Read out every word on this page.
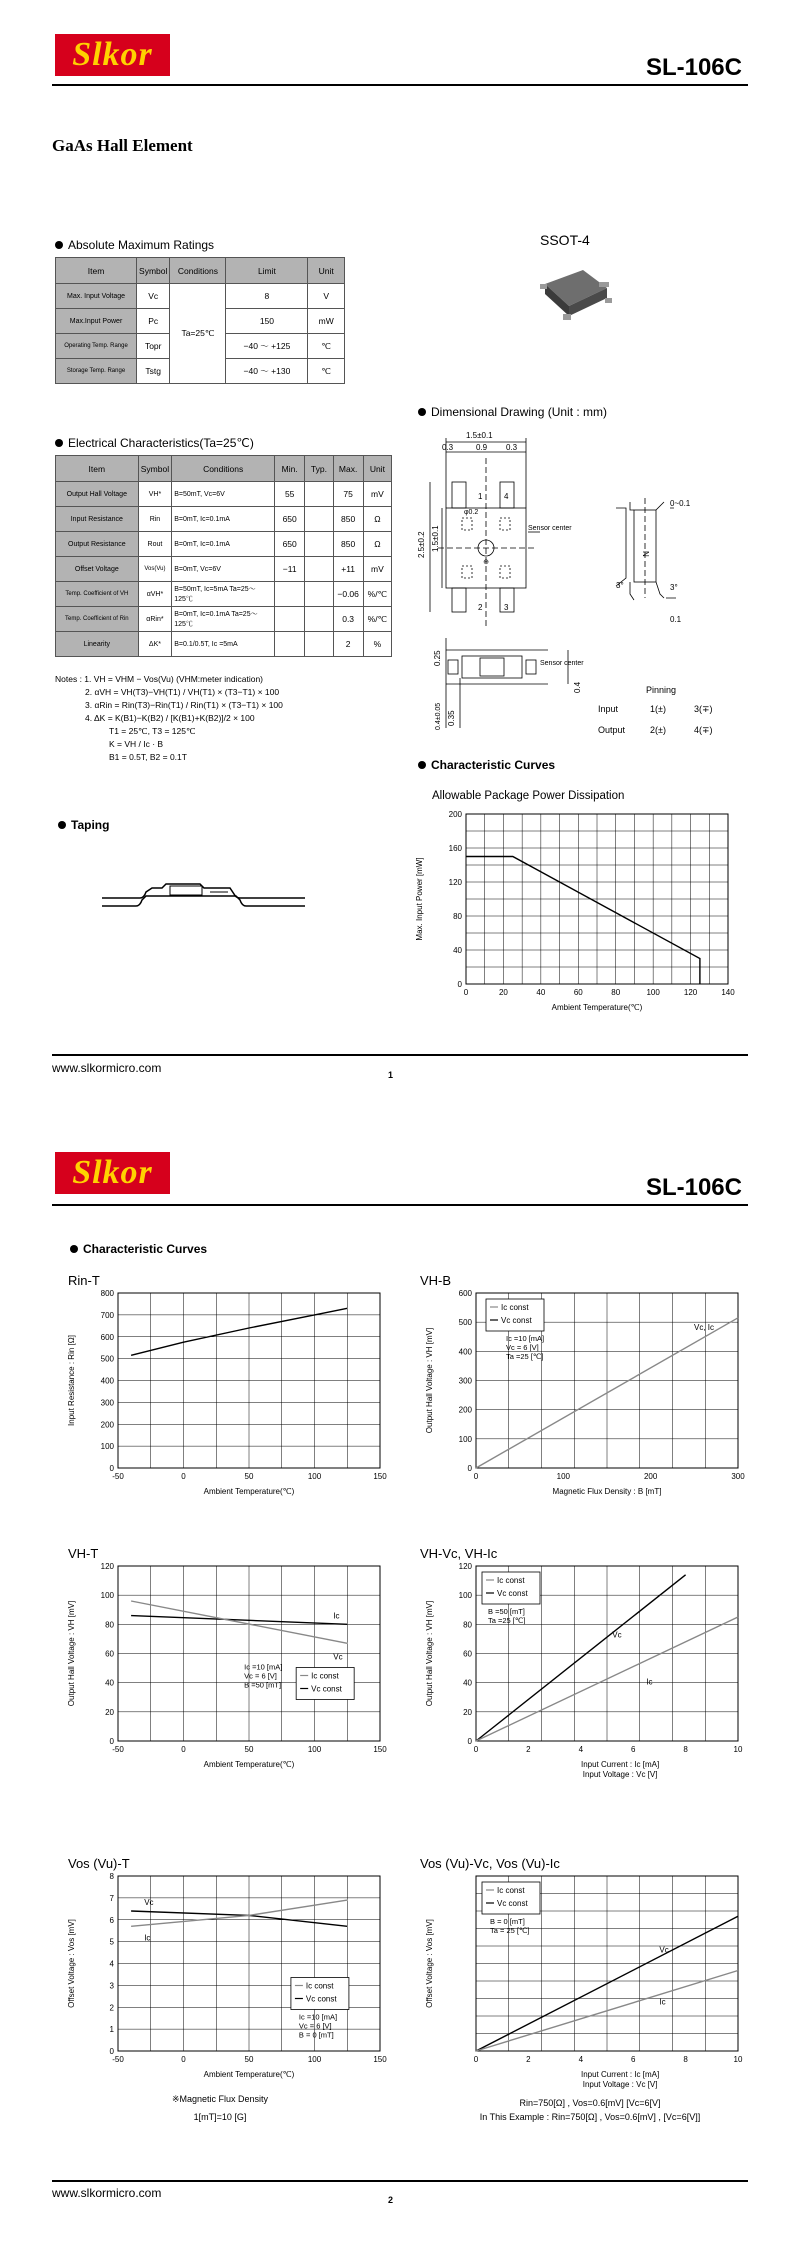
Slkor	SL-106C
GaAs Hall Element
Absolute Maximum Ratings
Item	Symbol	Conditions	Limit	Unit
Max. Input Voltage	Vc	Ta=25℃	8	V
Max.Input Power	Pc		150	mW
Operating Temp. Range	Topr		−40 ～ +125	℃
Storage Temp. Range	Tstg		−40 ～ +130	℃
SSOT-4
Electrical Characteristics(Ta=25℃)
Item	Symbol	Conditions	Min.	Typ.	Max.	Unit
Output Hall Voltage	VH*	B=50mT, Vc=6V	55		75	mV
Input Resistance	Rin	B=0mT, Ic=0.1mA	650		850	Ω
Output Resistance	Rout	B=0mT, Ic=0.1mA	650		850	Ω
Offset Voltage	Vos(Vu)	B=0mT, Vc=6V	−11		+11	mV
Temp. Coefficient of VH	αVH*	B=50mT, Ic=5mA Ta=25～125℃			−0.06	%/℃
Temp. Coefficient of Rin	αRin*	B=0mT, Ic=0.1mA Ta=25～125℃			0.3	%/℃
Linearity	ΔK*	B=0.1/0.5T, Ic =5mA			2	%
Notes : 1. VH = VHM − Vos(Vu) (VHM:meter indication)
2. αVH = VH(T3)−VH(T1) / VH(T1) × (T3−T1) × 100
3. αRin = Rin(T3)−Rin(T1) / Rin(T1) × (T3−T1) × 100
4. ΔK = K(B1)−K(B2) / [K(B1)+K(B2)]/2 × 100
T1 = 25℃, T3 = 125℃
K = VH / Ic · B
B1 = 0.5T, B2 = 0.1T
Taping
Dimensional Drawing (Unit : mm)
1.5±0.1
0.3	0.9 0.3
2.5±0.2 1.5±0.1
φ0.2
0~0.1
0.1
3°	3°
0.25
0.4±0.05 0.35
0.4
Sensor center
Sensor center
1	4
2	3
⊕
N
Pinning
Input	1(±)	3(∓)
Output	2(±)	4(∓)
Characteristic Curves
Allowable Package Power Dissipation
0	20	40	60	80	100	120	140
0
40
80
120
160
200
Ambient Temperature(℃)
Max. Input Power [mW]
www.slkormicro.com	1
Slkor	SL-106C
Characteristic Curves
Rin-T
-50	0	50	100	150
0
100
200
300
400
500
600
700
800
Ambient Temperature(℃)
Input Resistance : Rin [Ω]
VH-B
0	100	200	300
0
100
200
300
400
500
600
Magnetic Flux Density : B [mT]
Output Hall Voltage : VH [mV]
Vc, Ic
Ic const
Vc const
Ic =10 [mA]
Vc = 6 [V]
Ta =25 [℃]
VH-T
-50	0	50	100	150
0
20
40
60
80
100
120
Ambient Temperature(℃)
Output Hall Voltage : VH [mV]	Ic
Vc
Ic const
Vc const
Ic =10 [mA]
Vc = 6 [V]
B =50 [mT]
VH-Vc, VH-Ic
0	2	4	6	8	10
0
20
40
60
80
100
120
Input Current : Ic [mA]
Input Voltage : Vc [V]
Output Hall Voltage : VH [mV]	Vc
Ic
Ic const
Vc const
B =50 [mT]
Ta =25 [℃]
Vos (Vu)-T
-50	0	50	100	150
0
1
2
3
4
5
6
7
8
Ambient Temperature(℃)
Offset Voltage : Vos [mV]
Vc
Ic
Ic const
Vc const
Ic =10 [mA]
Vc = 6 [V]
B = 0 [mT]
Vos (Vu)-Vc, Vos (Vu)-Ic
0	2	4	6	8	10
Input Current : Ic [mA]
Input Voltage : Vc [V]
Offset Voltage : Vos [mV]	Vc
Ic
Ic const
Vc const
B = 0 [mT]
Ta = 25 [℃]
※Magnetic Flux Density
1[mT]=10 [G]
Rin=750[Ω] , Vos=0.6[mV] [Vc=6[V]
In This Example : Rin=750[Ω] , Vos=0.6[mV] , [Vc=6[V]]
www.slkormicro.com	2
